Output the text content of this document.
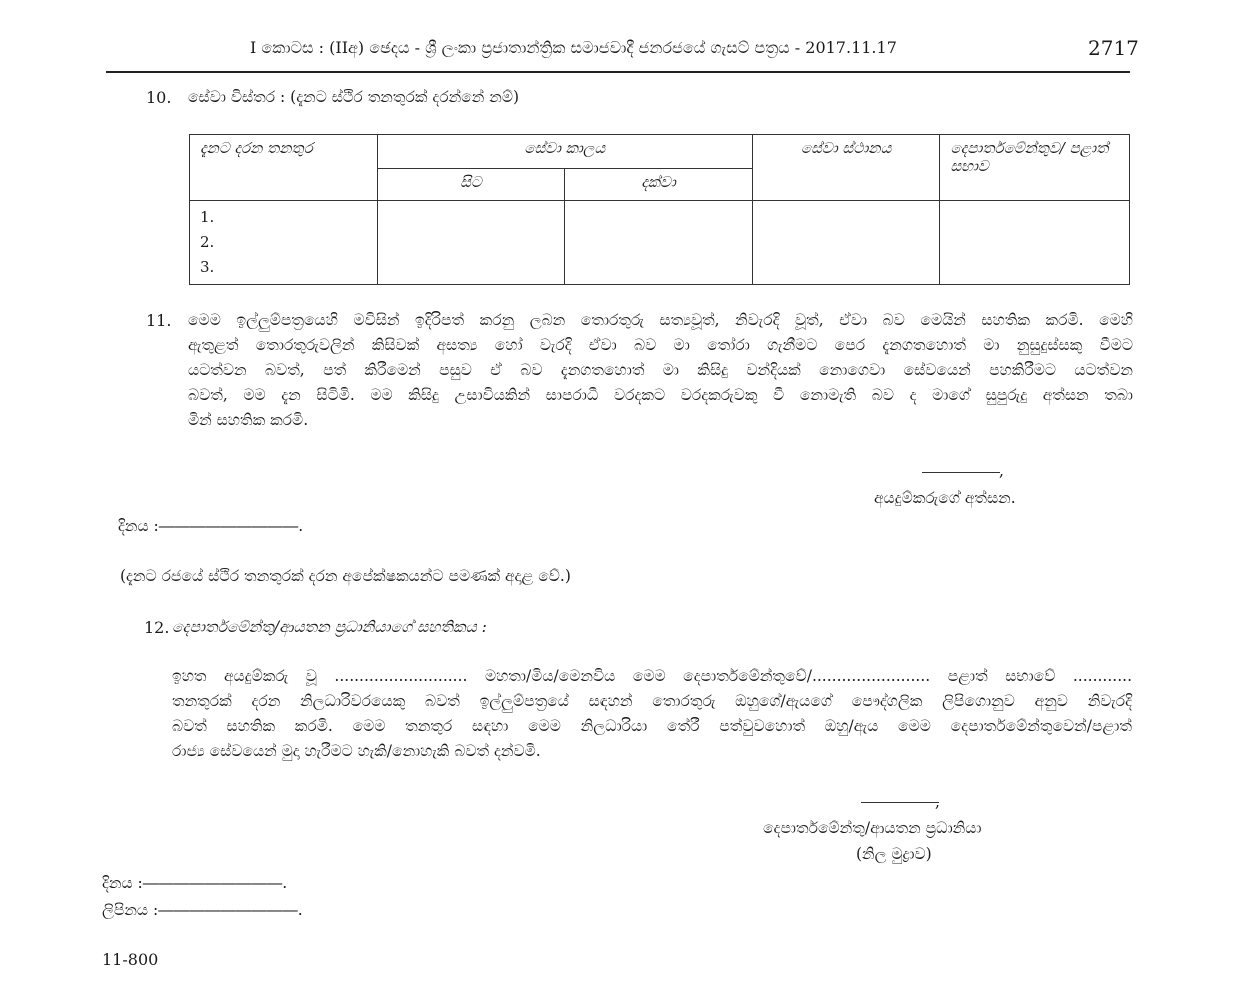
I කොටස : (IIඅ) ඡෙදය - ශ්‍රී ලංකා ප්‍රජාතාන්ත්‍රික සමාජවාදී ජනරජයේ ගැසට් පත්‍රය - 2017.11.17	2717
10. සේවා විස්තර : (දැනට ස්ථිර තනතුරක් දරන්නේ නම්)
දැනට දරන තනතුර	සේවා කාලය		සේවා ස්ථානය	දෙපාර්තමේන්තුව/ පළාත් සභාව
	සිට	දක්වා		

1.
2.
3.				

11. මෙම ඉල්ලුම්පත්‍රයෙහි මවිසින් ඉදිරිපත් කරනු ලබන තොරතුරු සත්‍යවූත්, නිවැරදි වූත්, ඒවා බව මෙයින් සහතික කරමි. මෙහි
ඇතුළත් තොරතුරුවලින් කිසිවක් අසත්‍ය හෝ වැරදි ඒවා බව මා තෝරා ගැනීමට පෙර දැනගතහොත් මා නුසුදුස්සකු වීමට
යටත්වන බවත්, පත් කිරීමෙන් පසුව ඒ බව දැනගතහොත් මා කිසිදු වන්දියක් නොගෙවා සේවයෙන් පහකිරීමට යටත්වන
බවත්, මම දැන සිටිමි. මම කිසිදු උසාවියකින් සාපරාධී වරදකට වරදකරුවකු වී නොමැති බව ද මාගේ සුපුරුදු අත්සන තබා
මින් සහතික කරමි.
,
අයදුම්කරුගේ අත්සන.
දිනය :―――――――――.
(දැනට රජයේ ස්ථිර තනතුරක් දරන අපේක්ෂකයන්ට පමණක් අදාළ වේ.)
12. දෙපාර්තමේන්තු/ආයතන ප්‍රධානියාගේ සහතිකය :
ඉහත අයදුම්කරු වූ ........................... මහතා/මිය/මෙනවිය මෙම දෙපාර්තමේන්තුවේ/........................ පළාත් සභාවේ ............
තනතුරක් දරන නිලධාරිවරයෙකු බවත් ඉල්ලුම්පත්‍රයේ සඳහන් තොරතුරු ඔහුගේ/ඇයගේ පෞද්ගලික ලිපිගොනුව අනුව නිවැරදි
බවත් සහතික කරමි. මෙම තනතුර සඳහා මෙම නිලධාරියා තේරී පත්වුවහොත් ඔහු/ඇය මෙම දෙපාර්තමේන්තුවෙන්/පළාත්
රාජ්‍ය සේවයෙන් මුදා හැරීමට හැකි/නොහැකි බවත් දන්වමි.
,
දෙපාර්තමේන්තු/ආයතන ප්‍රධානියා
(නිල මුද්‍රාව)
දිනය :―――――――――.
ලිපිනය :―――――――――.
11-800
